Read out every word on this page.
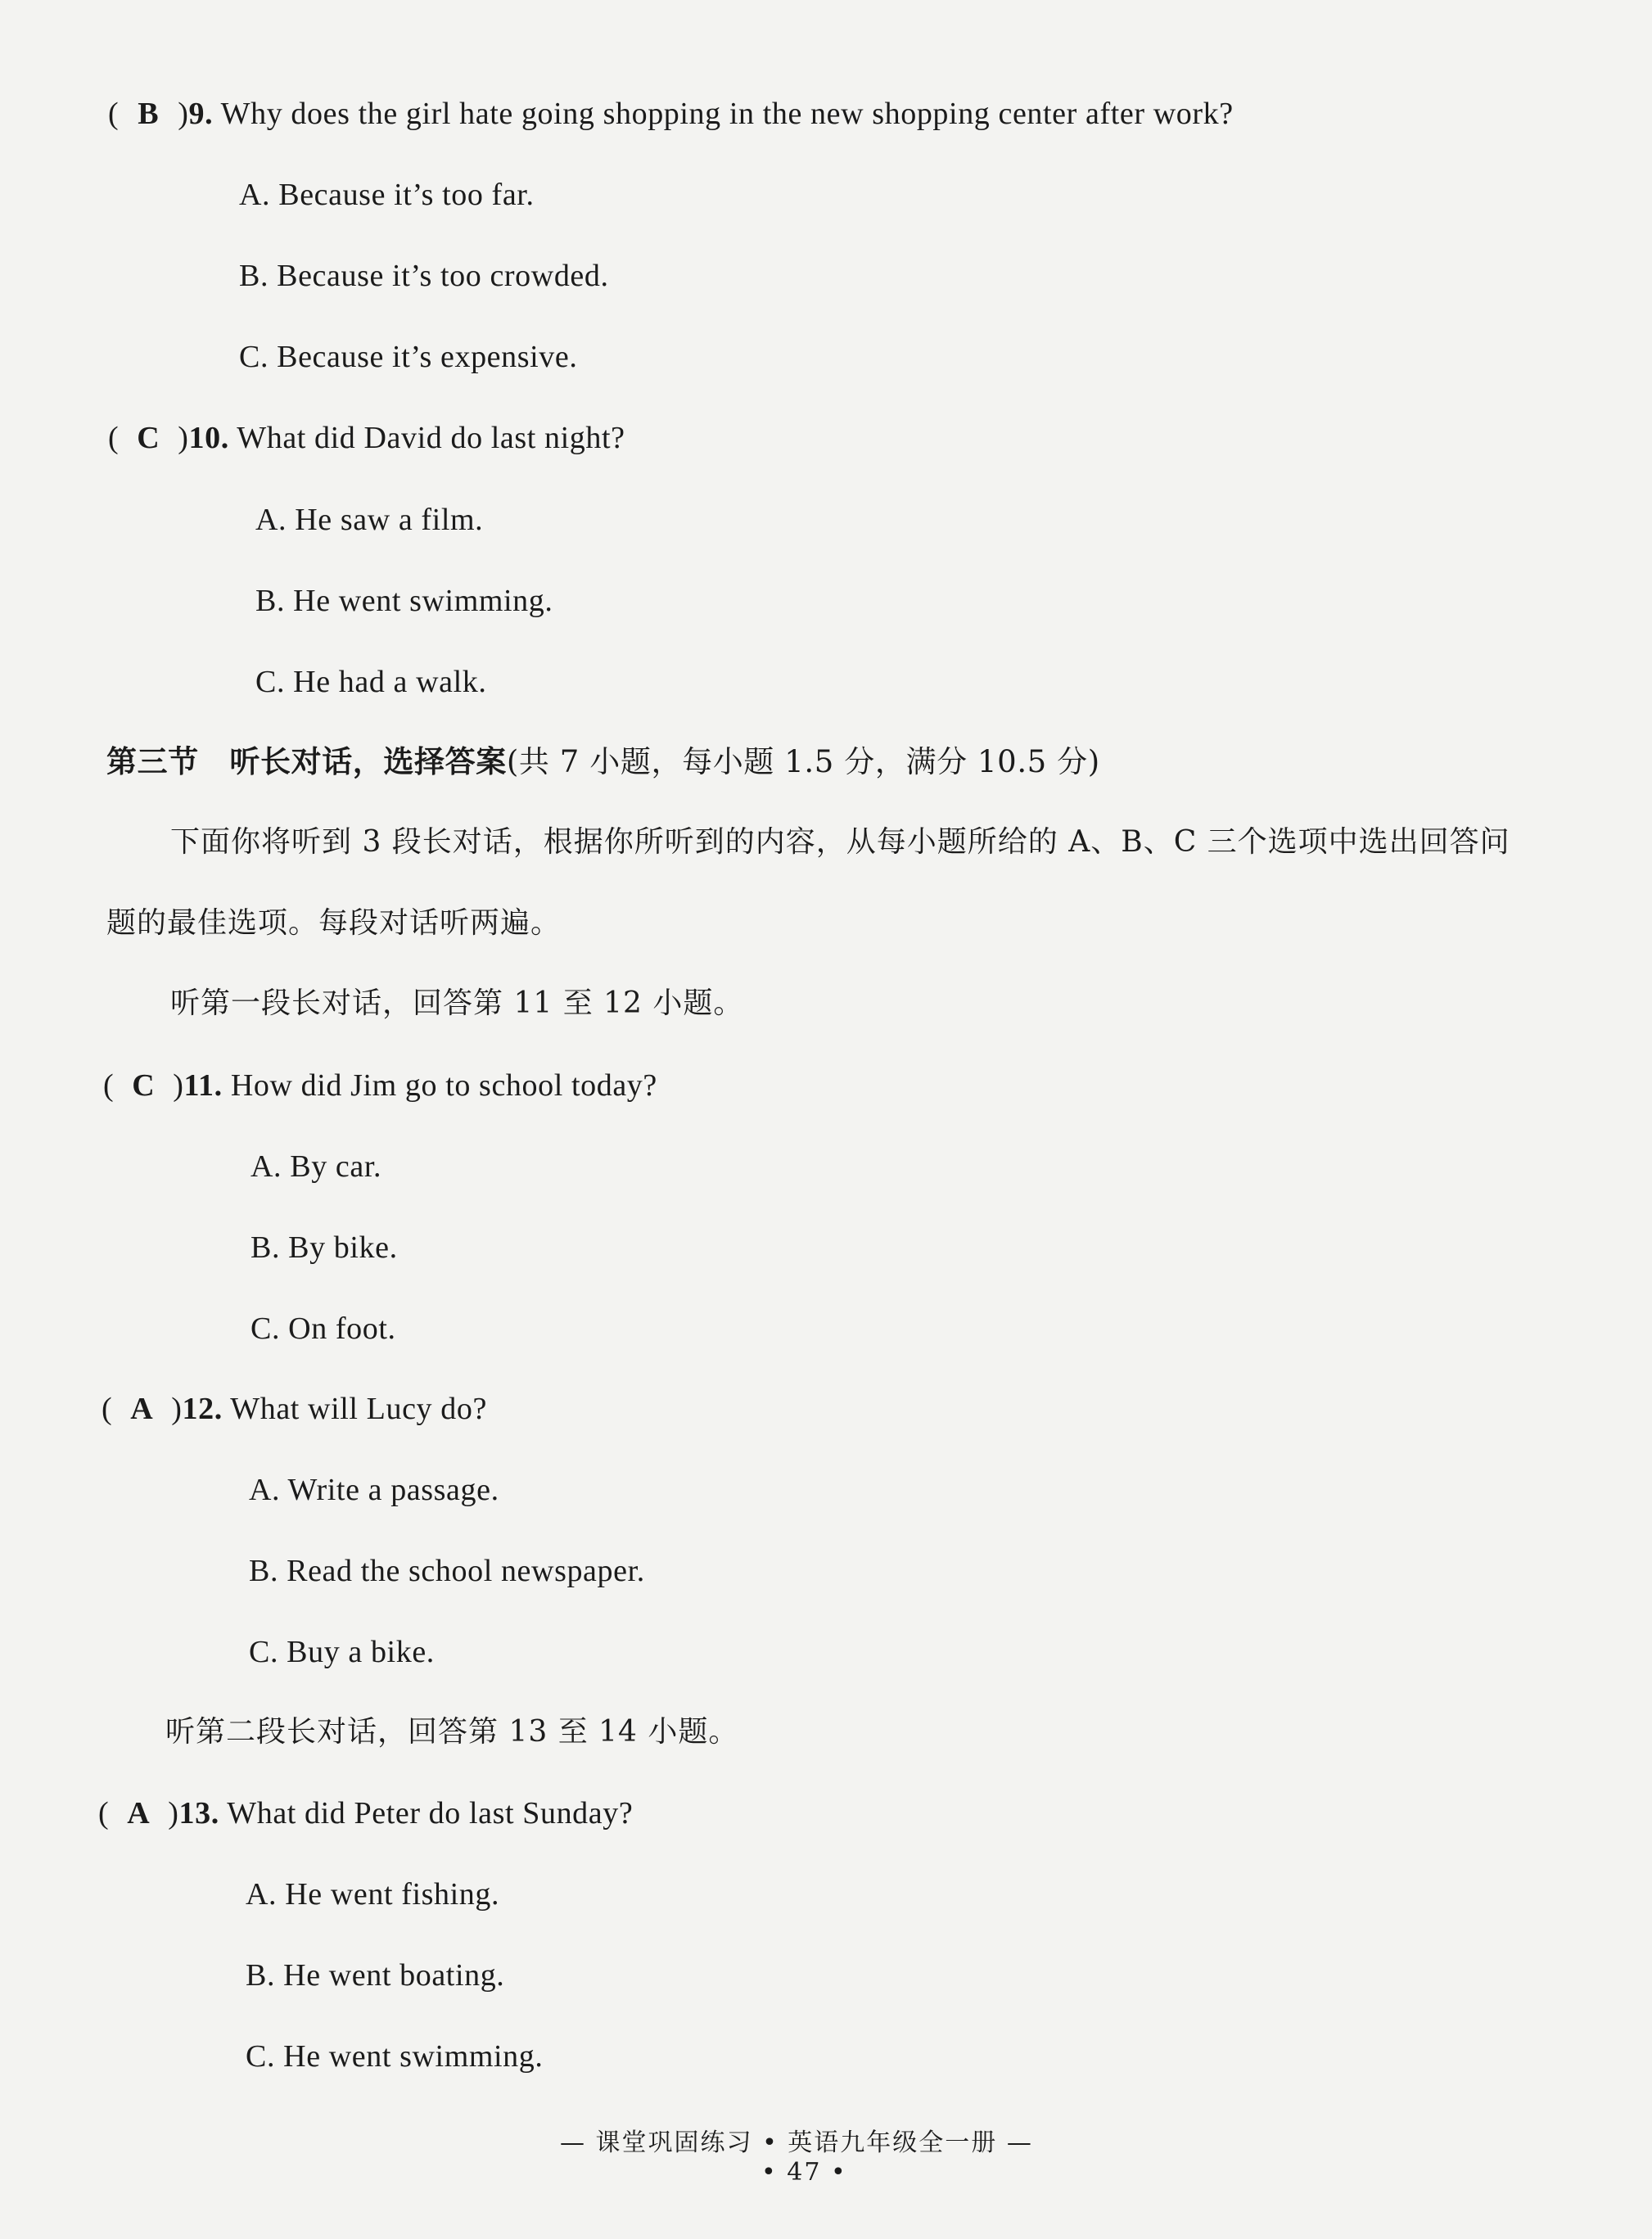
( B )9. Why does the girl hate going shopping in the new shopping center after work?
A. Because it’s too far.
B. Because it’s too crowded.
C. Because it’s expensive.
( C )10. What did David do last night?
A. He saw a film.
B. He went swimming.
C. He had a walk.
第三节　听长对话，选择答案(共 7 小题，每小题 1.5 分，满分 10.5 分)
下面你将听到 3 段长对话，根据你所听到的内容，从每小题所给的 A、B、C 三个选项中选出回答问
题的最佳选项。每段对话听两遍。
听第一段长对话，回答第 11 至 12 小题。
( C )11. How did Jim go to school today?
A. By car.
B. By bike.
C. On foot.
( A )12. What will Lucy do?
A. Write a passage.
B. Read the school newspaper.
C. Buy a bike.
听第二段长对话，回答第 13 至 14 小题。
( A )13. What did Peter do last Sunday?
A. He went fishing.
B. He went boating.
C. He went swimming.
— 课堂巩固练习 • 英语九年级全一册 —
• 47 •
